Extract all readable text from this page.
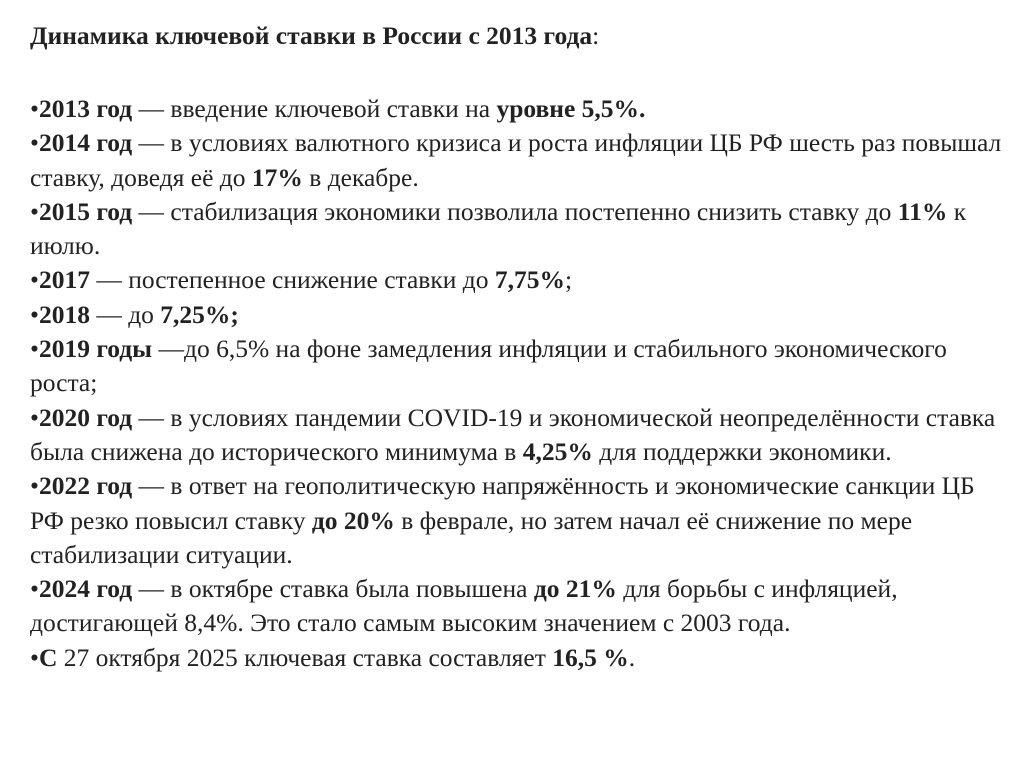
Динамика ключевой ставки в России с 2013 года:

•2013 год — введение ключевой ставки на уровне 5,5%.

•2014 год — в условиях валютного кризиса и роста инфляции ЦБ РФ шесть раз повышал ставку, доведя её до 17% в декабре.

•2015 год — стабилизация экономики позволила постепенно снизить ставку до 11% к июлю.

•2017 — постепенное снижение ставки до 7,75%;

•2018 — до 7,25%;

•2019 годы —до 6,5% на фоне замедления инфляции и стабильного экономического роста;

•2020 год — в условиях пандемии COVID-19 и экономической неопределённости ставка была снижена до исторического минимума в 4,25% для поддержки экономики.

•2022 год — в ответ на геополитическую напряжённость и экономические санкции ЦБ РФ резко повысил ставку до 20% в феврале, но затем начал её снижение по мере стабилизации ситуации.

•2024 год — в октябре ставка была повышена до 21% для борьбы с инфляцией, достигающей 8,4%. Это стало самым высоким значением с 2003 года.

•С 27 октября 2025 ключевая ставка составляет 16,5 %.
